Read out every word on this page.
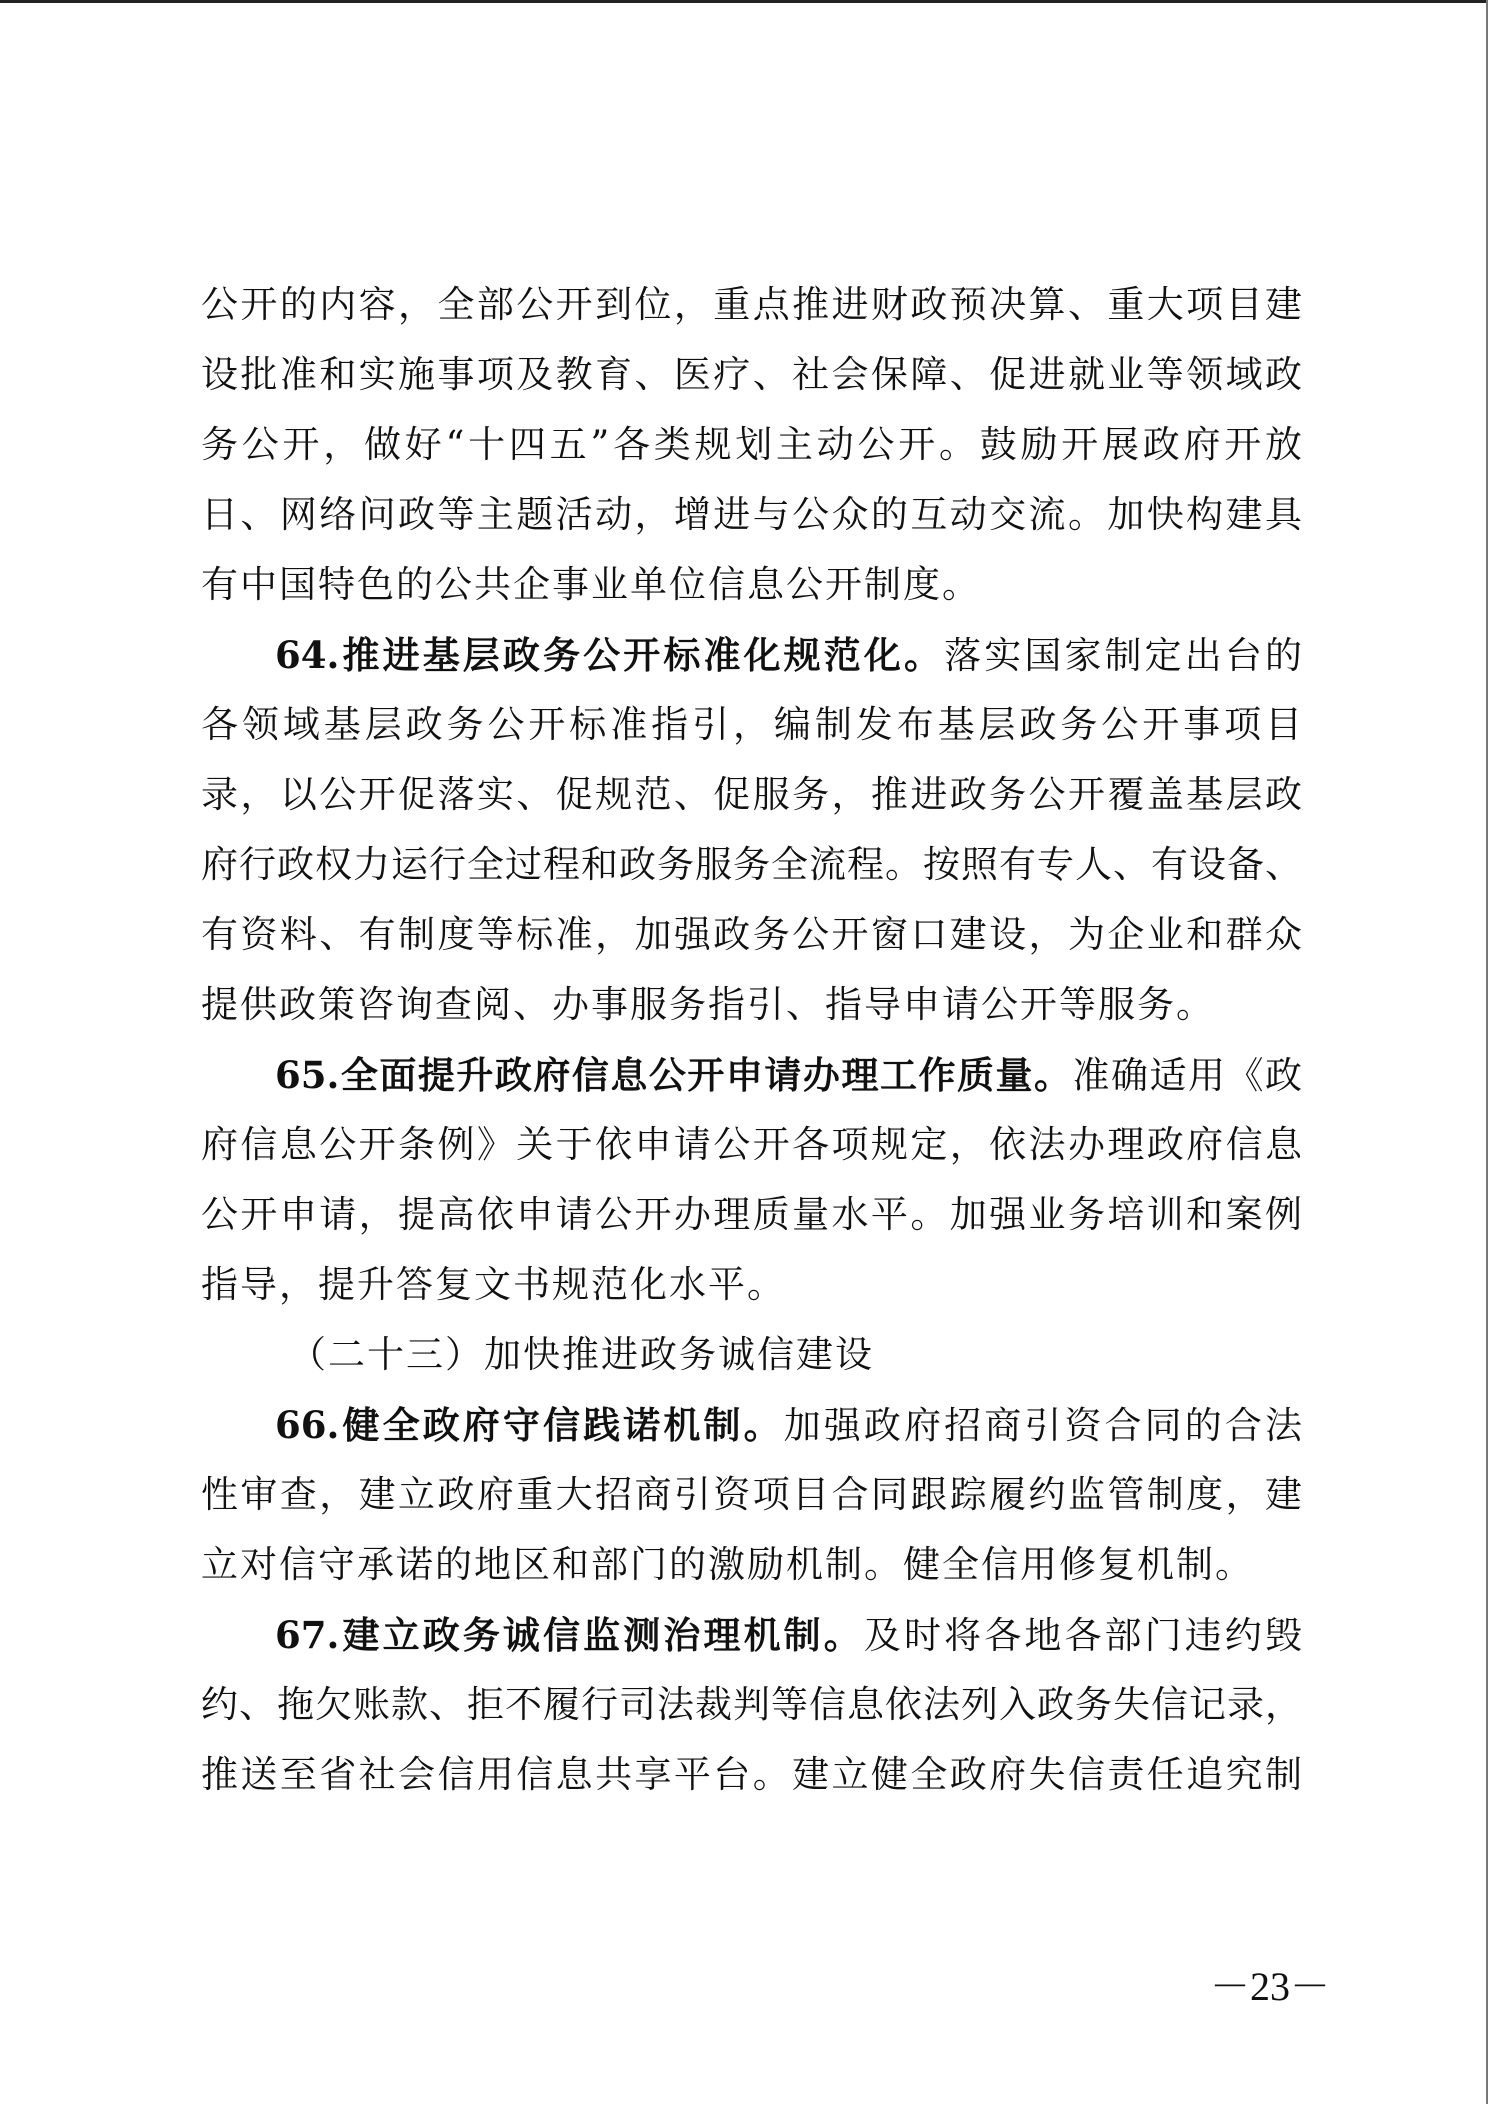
公开的内容，全部公开到位，重点推进财政预决算、重大项目建
设批准和实施事项及教育、医疗、社会保障、促进就业等领域政
务公开，做好“十四五”各类规划主动公开。鼓励开展政府开放
日、网络问政等主题活动，增进与公众的互动交流。加快构建具
有中国特色的公共企事业单位信息公开制度。
64.推进基层政务公开标准化规范化。落实国家制定出台的
各领域基层政务公开标准指引，编制发布基层政务公开事项目
录，以公开促落实、促规范、促服务，推进政务公开覆盖基层政
府行政权力运行全过程和政务服务全流程。按照有专人、有设备、
有资料、有制度等标准，加强政务公开窗口建设，为企业和群众
提供政策咨询查阅、办事服务指引、指导申请公开等服务。
65.全面提升政府信息公开申请办理工作质量。准确适用《政
府信息公开条例》关于依申请公开各项规定，依法办理政府信息
公开申请，提高依申请公开办理质量水平。加强业务培训和案例
指导，提升答复文书规范化水平。
（二十三）加快推进政务诚信建设
66.健全政府守信践诺机制。加强政府招商引资合同的合法
性审查，建立政府重大招商引资项目合同跟踪履约监管制度，建
立对信守承诺的地区和部门的激励机制。健全信用修复机制。
67.建立政务诚信监测治理机制。及时将各地各部门违约毁
约、拖欠账款、拒不履行司法裁判等信息依法列入政务失信记录，
推送至省社会信用信息共享平台。建立健全政府失信责任追究制
－23－
